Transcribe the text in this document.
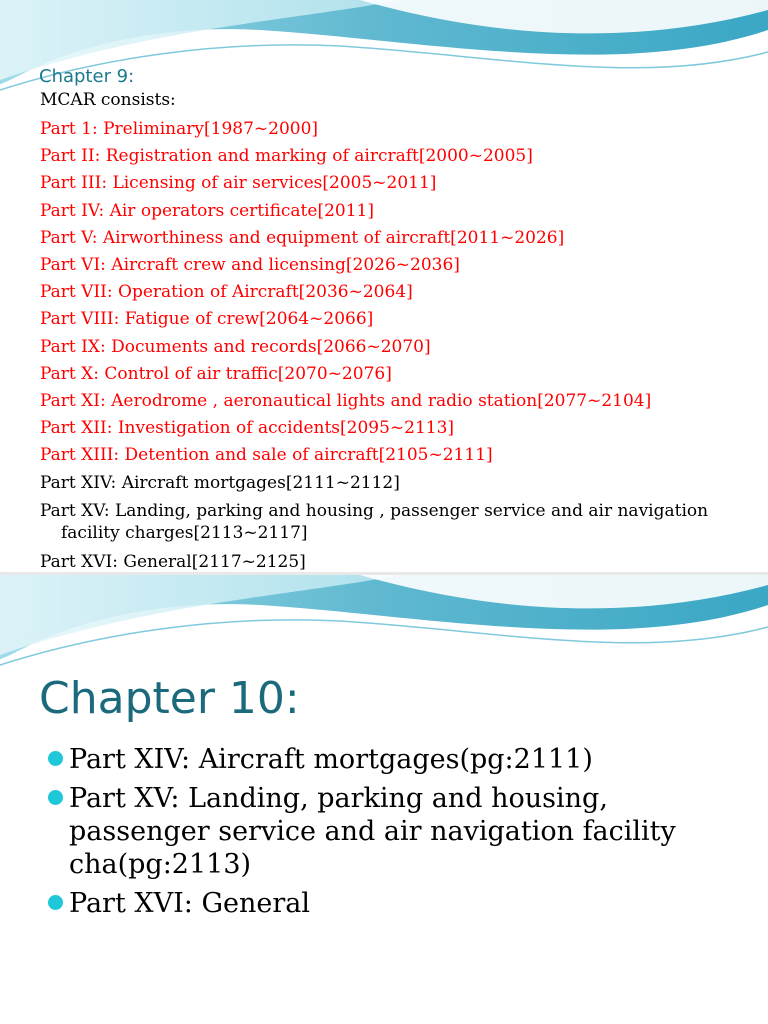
Chapter 9:
MCAR consists:
Part 1: Preliminary[1987~2000]
Part II: Registration and marking of aircraft[2000~2005]
Part III: Licensing of air services[2005~2011]
Part IV: Air operators certificate[2011]
Part V: Airworthiness and equipment of aircraft[2011~2026]
Part VI: Aircraft crew and licensing[2026~2036]
Part VII: Operation of Aircraft[2036~2064]
Part VIII: Fatigue of crew[2064~2066]
Part IX: Documents and records[2066~2070]
Part X: Control of air traffic[2070~2076]
Part XI: Aerodrome , aeronautical lights and radio station[2077~2104]
Part XII: Investigation of accidents[2095~2113]
Part XIII: Detention and sale of aircraft[2105~2111]
Part XIV: Aircraft mortgages[2111~2112]
Part XV: Landing, parking and housing , passenger service and air navigation facility charges[2113~2117]
Part XVI: General[2117~2125]
Chapter 10:
Part XIV: Aircraft mortgages(pg:2111)
Part XV: Landing, parking and housing, passenger service and air navigation facility cha(pg:2113)
Part XVI: General
